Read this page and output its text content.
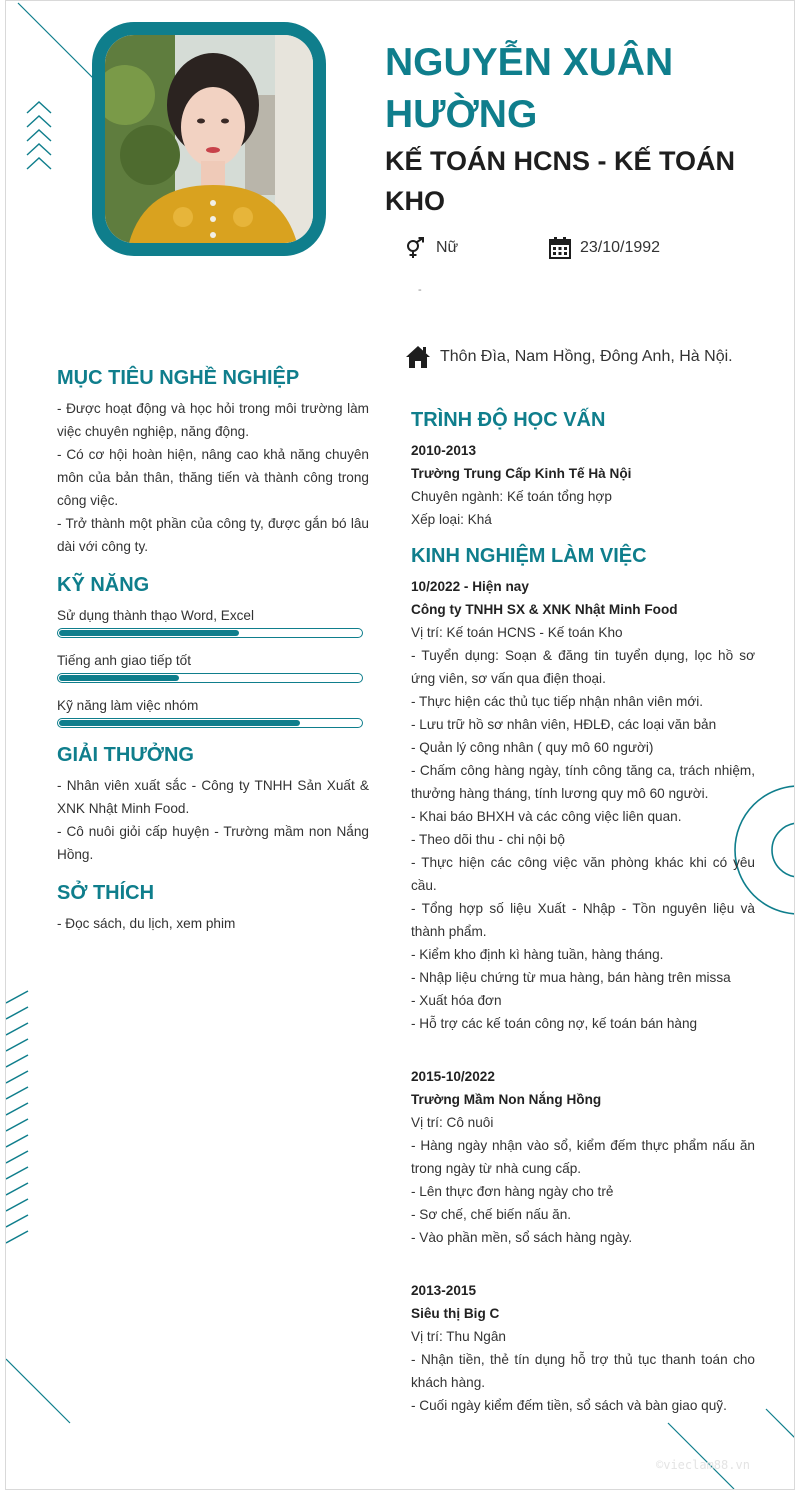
NGUYỄN XUÂN HƯỜNG
KẾ TOÁN HCNS - KẾ TOÁN KHO
Nữ	23/10/1992
-
Thôn Đìa, Nam Hồng, Đông Anh, Hà Nội.
MỤC TIÊU NGHỀ NGHIỆP
- Được hoạt động và học hỏi trong môi trường làm việc chuyên nghiệp, năng động.
- Có cơ hội hoàn hiện, nâng cao khả năng chuyên môn của bản thân, thăng tiến và thành công trong công việc.
- Trở thành một phần của công ty, được gắn bó lâu dài với công ty.
KỸ NĂNG
Sử dụng thành thạo Word, Excel
Tiếng anh giao tiếp tốt
Kỹ năng làm việc nhóm
GIẢI THƯỞNG
- Nhân viên xuất sắc - Công ty TNHH Sản Xuất & XNK Nhật Minh Food.
- Cô nuôi giỏi cấp huyện - Trường mầm non Nắng Hồng.
SỞ THÍCH
- Đọc sách, du lịch, xem phim
TRÌNH ĐỘ HỌC VẤN
2010-2013
Trường Trung Cấp Kinh Tế Hà Nội
Chuyên ngành: Kế toán tổng hợp
Xếp loại: Khá
KINH NGHIỆM LÀM VIỆC
10/2022 - Hiện nay
Công ty TNHH SX & XNK Nhật Minh Food
Vị trí: Kế toán HCNS - Kế toán Kho
- Tuyển dụng: Soạn & đăng tin tuyển dụng, lọc hồ sơ ứng viên, sơ vấn qua điện thoại.
- Thực hiện các thủ tục tiếp nhận nhân viên mới.
- Lưu trữ hồ sơ nhân viên, HĐLĐ, các loại văn bản
- Quản lý công nhân ( quy mô 60 người)
- Chấm công hàng ngày, tính công tăng ca, trách nhiệm, thưởng hàng tháng, tính lương quy mô 60 người.
- Khai báo BHXH và các công việc liên quan.
- Theo dõi thu - chi nội bộ
- Thực hiện các công việc văn phòng khác khi có yêu cầu.
- Tổng hợp số liệu Xuất - Nhập - Tồn nguyên liệu và thành phẩm.
- Kiểm kho định kì hàng tuần, hàng tháng.
- Nhập liệu chứng từ mua hàng, bán hàng trên missa
- Xuất hóa đơn
- Hỗ trợ các kế toán công nợ, kế toán bán hàng
2015-10/2022
Trường Mầm Non Nắng Hồng
Vị trí: Cô nuôi
- Hàng ngày nhận vào sổ, kiểm đếm thực phẩm nấu ăn trong ngày từ nhà cung cấp.
- Lên thực đơn hàng ngày cho trẻ
- Sơ chế, chế biến nấu ăn.
- Vào phần mền, sổ sách hàng ngày.
2013-2015
Siêu thị Big C
Vị trí: Thu Ngân
- Nhận tiền, thẻ tín dụng hỗ trợ thủ tục thanh toán cho khách hàng.
- Cuối ngày kiểm đếm tiền, sổ sách và bàn giao quỹ.
©vieclam88.vn
